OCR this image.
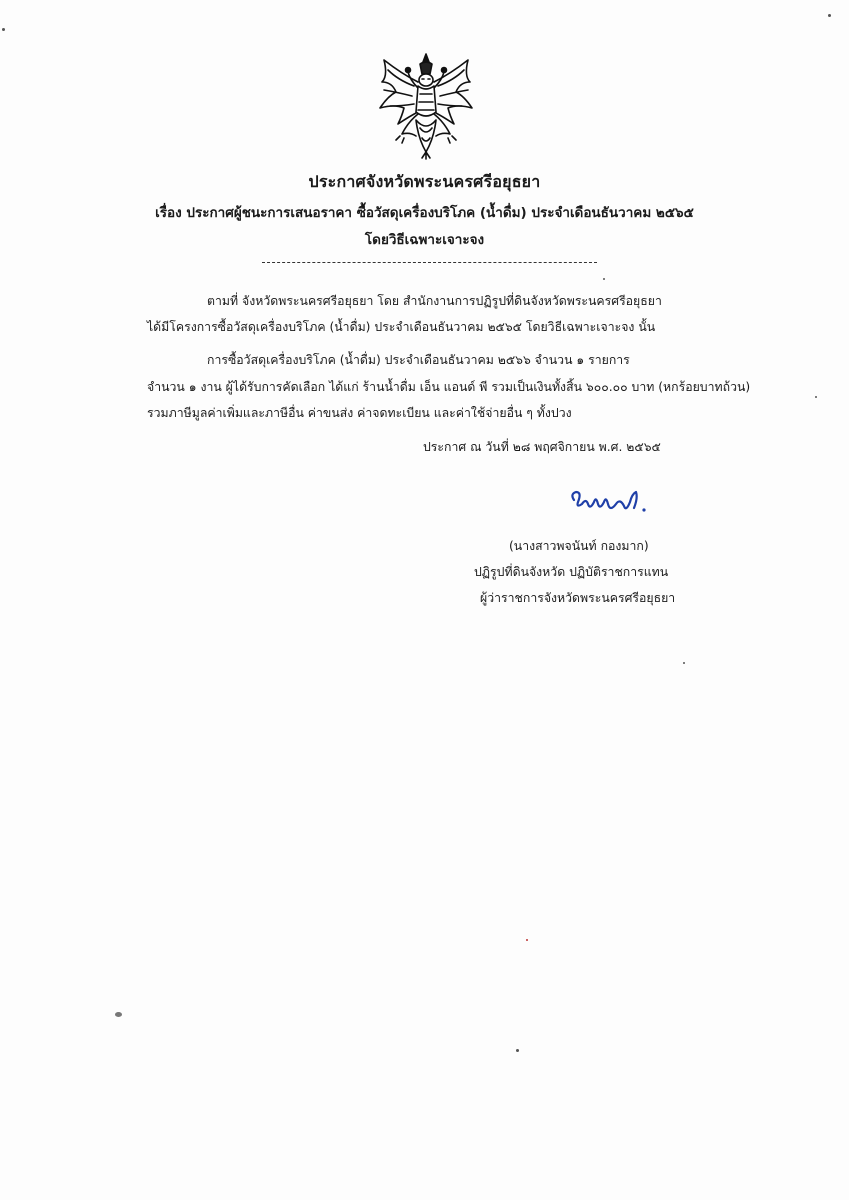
ประกาศจังหวัดพระนครศรีอยุธยา
เรื่อง ประกาศผู้ชนะการเสนอราคา ซื้อวัสดุเครื่องบริโภค (น้ำดื่ม) ประจำเดือนธันวาคม ๒๕๖๕
โดยวิธีเฉพาะเจาะจง
ตามที่ จังหวัดพระนครศรีอยุธยา โดย สำนักงานการปฏิรูปที่ดินจังหวัดพระนครศรีอยุธยา
ได้มีโครงการซื้อวัสดุเครื่องบริโภค (น้ำดื่ม) ประจำเดือนธันวาคม ๒๕๖๕ โดยวิธีเฉพาะเจาะจง นั้น
การซื้อวัสดุเครื่องบริโภค (น้ำดื่ม) ประจำเดือนธันวาคม ๒๕๖๖ จำนวน ๑ รายการ
จำนวน ๑ งาน ผู้ได้รับการคัดเลือก ได้แก่ ร้านน้ำดื่ม เอ็น แอนด์ พี รวมเป็นเงินทั้งสิ้น ๖๐๐.๐๐ บาท (หกร้อยบาทถ้วน)
รวมภาษีมูลค่าเพิ่มและภาษีอื่น ค่าขนส่ง ค่าจดทะเบียน และค่าใช้จ่ายอื่น ๆ ทั้งปวง
ประกาศ ณ วันที่ ๒๘ พฤศจิกายน พ.ศ. ๒๕๖๕
(นางสาวพจนันท์ กองมาก)
ปฏิรูปที่ดินจังหวัด ปฏิบัติราชการแทน
ผู้ว่าราชการจังหวัดพระนครศรีอยุธยา
